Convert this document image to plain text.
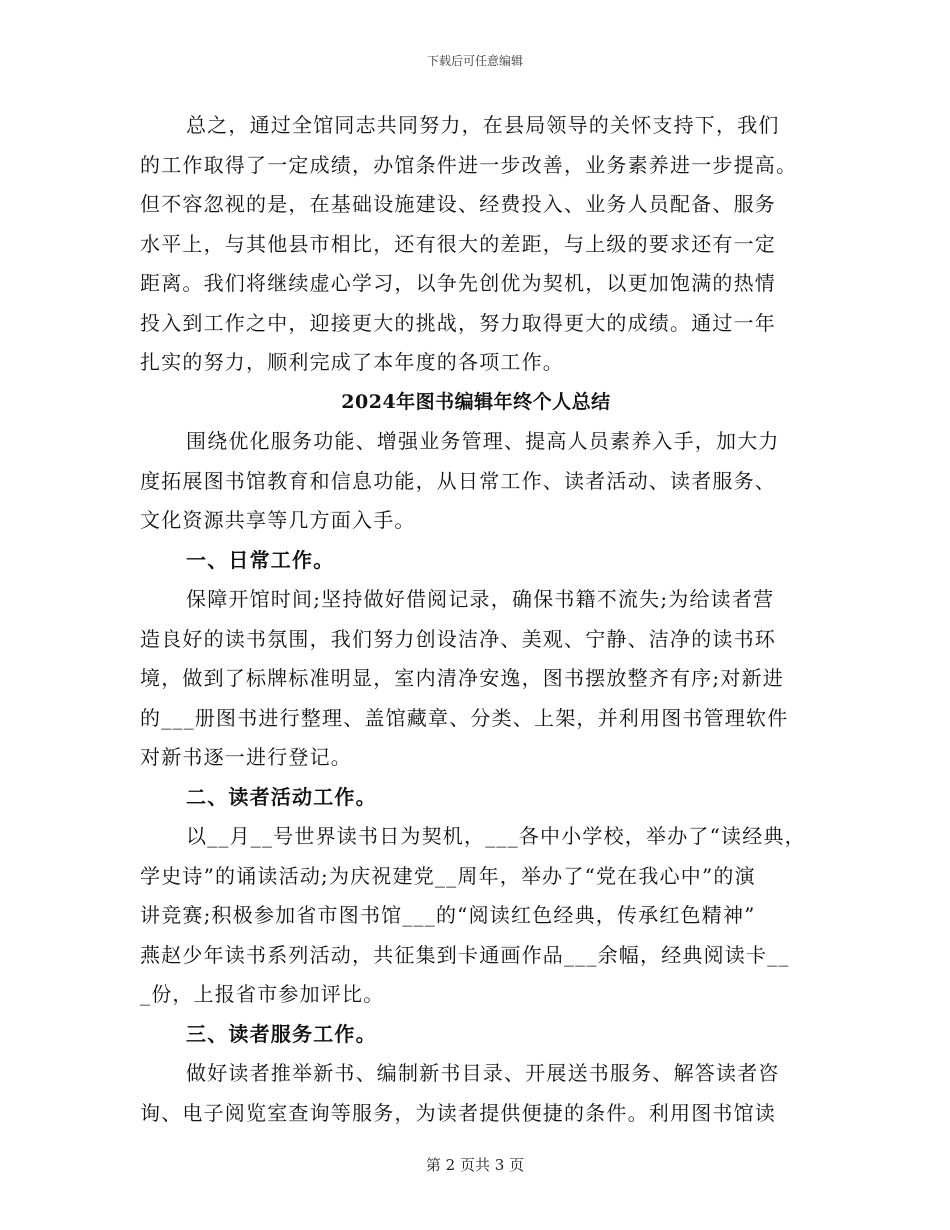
下载后可任意编辑
总之，通过全馆同志共同努力，在县局领导的关怀支持下，我们
的工作取得了一定成绩，办馆条件进一步改善，业务素养进一步提高。
但不容忽视的是，在基础设施建设、经费投入、业务人员配备、服务
水平上，与其他县市相比，还有很大的差距，与上级的要求还有一定
距离。我们将继续虚心学习，以争先创优为契机，以更加饱满的热情
投入到工作之中，迎接更大的挑战，努力取得更大的成绩。通过一年
扎实的努力，顺利完成了本年度的各项工作。
2024年图书编辑年终个人总结
围绕优化服务功能、增强业务管理、提高人员素养入手，加大力
度拓展图书馆教育和信息功能，从日常工作、读者活动、读者服务、
文化资源共享等几方面入手。
一、日常工作。
保障开馆时间;坚持做好借阅记录，确保书籍不流失;为给读者营
造良好的读书氛围，我们努力创设洁净、美观、宁静、洁净的读书环
境，做到了标牌标准明显，室内清净安逸，图书摆放整齐有序;对新进
的___册图书进行整理、盖馆藏章、分类、上架，并利用图书管理软件
对新书逐一进行登记。
二、读者活动工作。
以__月__号世界读书日为契机，___各中小学校，举办了“读经典，
学史诗”的诵读活动;为庆祝建党__周年，举办了“党在我心中”的演
讲竞赛;积极参加省市图书馆___的“阅读红色经典，传承红色精神”
燕赵少年读书系列活动，共征集到卡通画作品___余幅，经典阅读卡__
_份，上报省市参加评比。
三、读者服务工作。
做好读者推举新书、编制新书目录、开展送书服务、解答读者咨
询、电子阅览室查询等服务，为读者提供便捷的条件。利用图书馆读
第 2 页共 3 页
